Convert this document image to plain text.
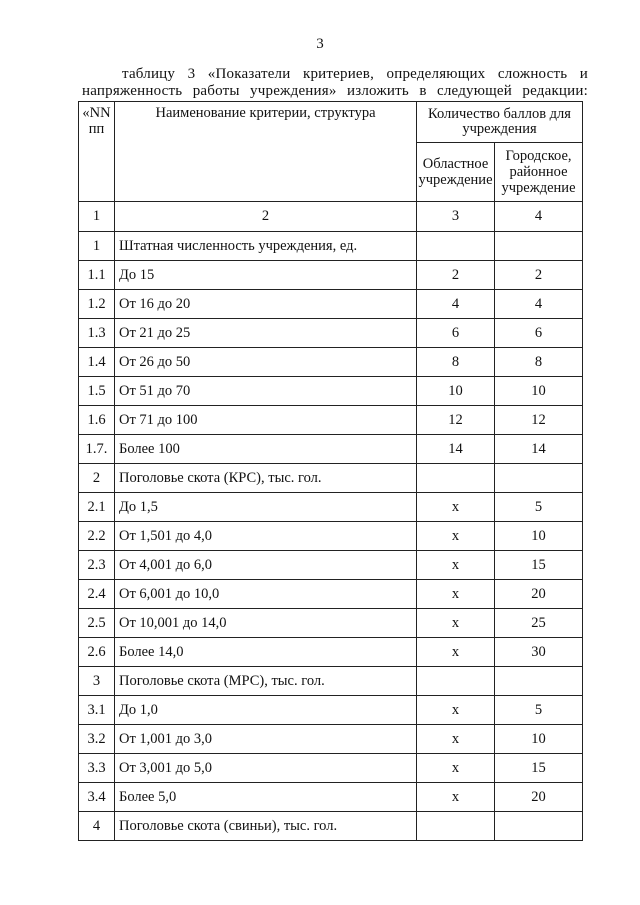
3
таблицу 3 «Показатели критериев, определяющих сложность и напряженность работы учреждения» изложить в следующей редакции:
«NN пп	Наименование критерии, структура	Количество баллов для учреждения	
		Областное учреждение	Городское, районное учреждение
1	2	3	4
1	Штатная численность учреждения, ед.		
1.1	До 15	2	2
1.2	От 16 до 20	4	4
1.3	От 21 до 25	6	6
1.4	От 26 до 50	8	8
1.5	От 51 до 70	10	10
1.6	От 71 до 100	12	12
1.7.	Более 100	14	14
2	Поголовье скота (КРС), тыс. гол.		
2.1	До 1,5	х	5
2.2	От 1,501 до 4,0	х	10
2.3	От 4,001 до 6,0	х	15
2.4	От 6,001 до 10,0	х	20
2.5	От 10,001 до 14,0	х	25
2.6	Более 14,0	х	30
3	Поголовье скота (МРС), тыс. гол.		
3.1	До 1,0	х	5
3.2	От 1,001 до 3,0	х	10
3.3	От 3,001 до 5,0	х	15
3.4	Более 5,0	х	20
4	Поголовье скота (свиньи), тыс. гол.		
